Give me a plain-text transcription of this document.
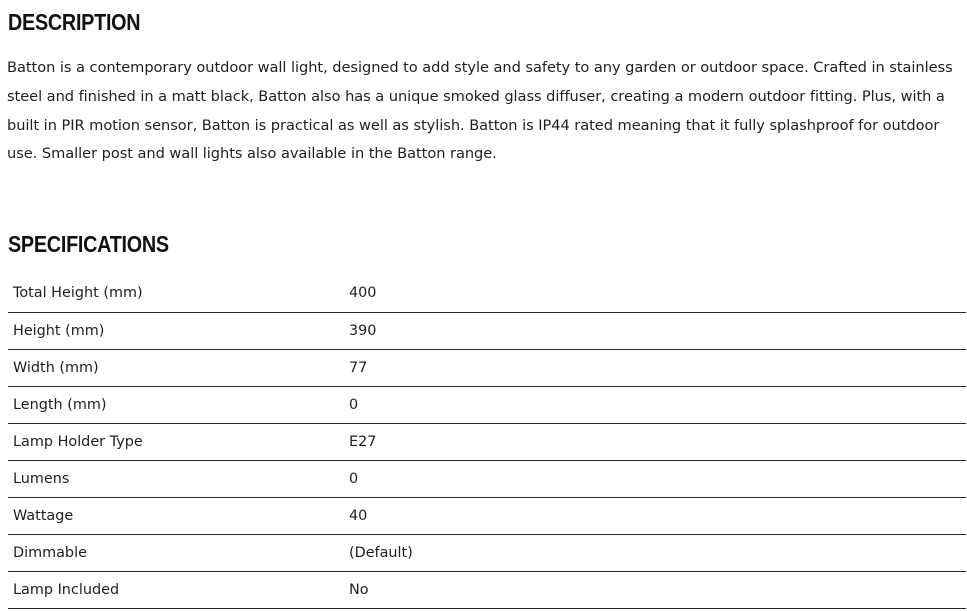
DESCRIPTION

Batton is a contemporary outdoor wall light, designed to add style and safety to any garden or outdoor space. Crafted in stainless steel and finished in a matt black, Batton also has a unique smoked glass diffuser, creating a modern outdoor fitting. Plus, with a built in PIR motion sensor, Batton is practical as well as stylish. Batton is IP44 rated meaning that it fully splashproof for outdoor use. Smaller post and wall lights also available in the Batton range.

SPECIFICATIONS
Total Height (mm)	400
Height (mm)	390
Width (mm)	77
Length (mm)	0
Lamp Holder Type	E27
Lumens	0
Wattage	40
Dimmable	(Default)
Lamp Included	No
